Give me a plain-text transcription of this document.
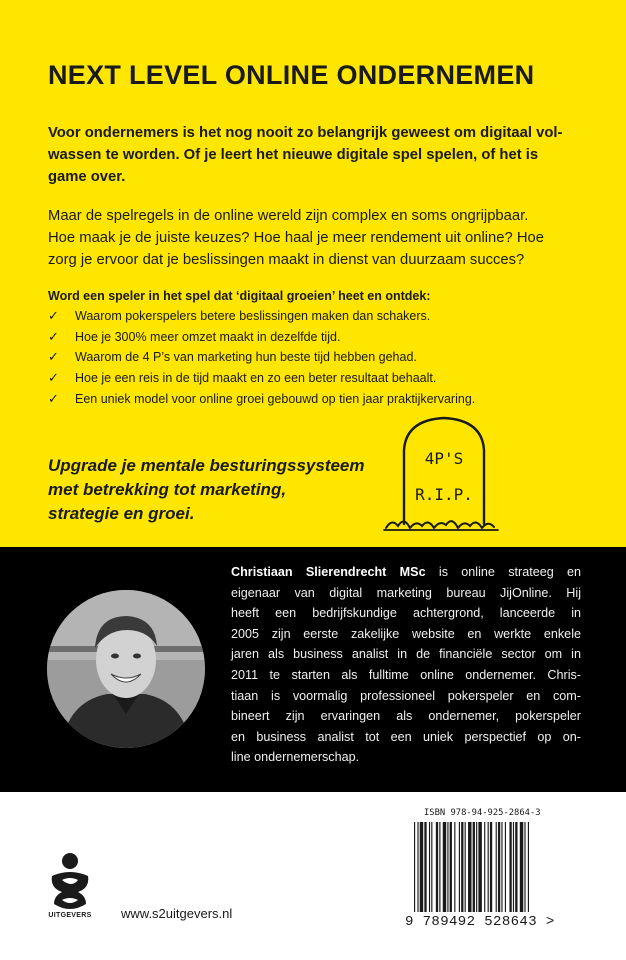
NEXT LEVEL ONLINE ONDERNEMEN

Voor ondernemers is het nog nooit zo belangrijk geweest om digitaal vol-
wassen te worden. Of je leert het nieuwe digitale spel spelen, of het is
game over.

Maar de spelregels in de online wereld zijn complex en soms ongrijpbaar.
Hoe maak je de juiste keuzes? Hoe haal je meer rendement uit online? Hoe
zorg je ervoor dat je beslissingen maakt in dienst van duurzaam succes?

Word een speler in het spel dat ‘digitaal groeien’ heet en ontdek:

✓	Waarom pokerspelers betere beslissingen maken dan schakers.
✓	Hoe je 300% meer omzet maakt in dezelfde tijd.
✓	Waarom de 4 P’s van marketing hun beste tijd hebben gehad.
✓	Hoe je een reis in de tijd maakt en zo een beter resultaat behaalt.
✓	Een uniek model voor online groei gebouwd op tien jaar praktijkervaring.

Upgrade je mentale besturingssysteem
met betrekking tot marketing,
strategie en groei.

4P'S
R.I.P.

Christiaan Slierendrecht MSc is online strateeg en
eigenaar van digital marketing bureau JijOnline. Hij
heeft een bedrijfskundige achtergrond, lanceerde in
2005 zijn eerste zakelijke website en werkte enkele
jaren als business analist in de financiële sector om in
2011 te starten als fulltime online ondernemer. Chris-
tiaan is voormalig professioneel pokerspeler en com-
bineert zijn ervaringen als ondernemer, pokerspeler
en business analist tot een uniek perspectief op on-
line ondernemerschap.

UITGEVERS www.s2uitgevers.nl
ISBN 978-94-925-2864-3
9 789492 528643 >
